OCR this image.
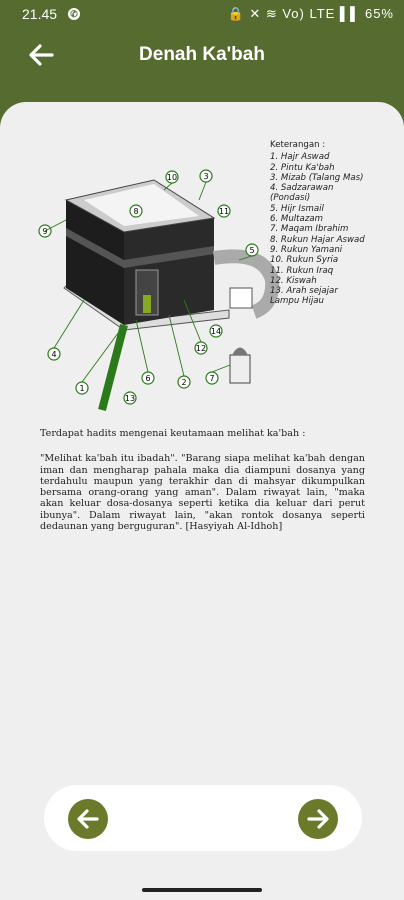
21.45 ✆	🔒 ✕ ≋ Vo) LTE ▌▌ 65%
Denah Ka'bah
10	3
8	11
9
5
14
12
4
6	7
2
1
13
Keterangan :
1. Hajr Aswad
2. Pintu Ka'bah
3. Mizab (Talang Mas)
4. Sadzarawan
(Pondasi)
5. Hijr Ismail
6. Multazam
7. Maqam Ibrahim
8. Rukun Hajar Aswad
9. Rukun Yamani
10. Rukun Syria
11. Rukun Iraq
12. Kiswah
13. Arah sejajar
Lampu Hijau

Terdapat hadits mengenai keutamaan melihat ka'bah :

"Melihat ka'bah itu ibadah". "Barang siapa melihat ka'bah dengan iman dan mengharap pahala maka dia diampuni dosanya yang terdahulu maupun yang terakhir dan di mahsyar dikumpulkan bersama orang-orang yang aman". Dalam riwayat lain, "maka akan keluar dosa-dosanya seperti ketika dia keluar dari perut ibunya". Dalam riwayat lain, "akan rontok dosanya seperti dedaunan yang berguguran". [Hasyiyah Al-Idhoh]
